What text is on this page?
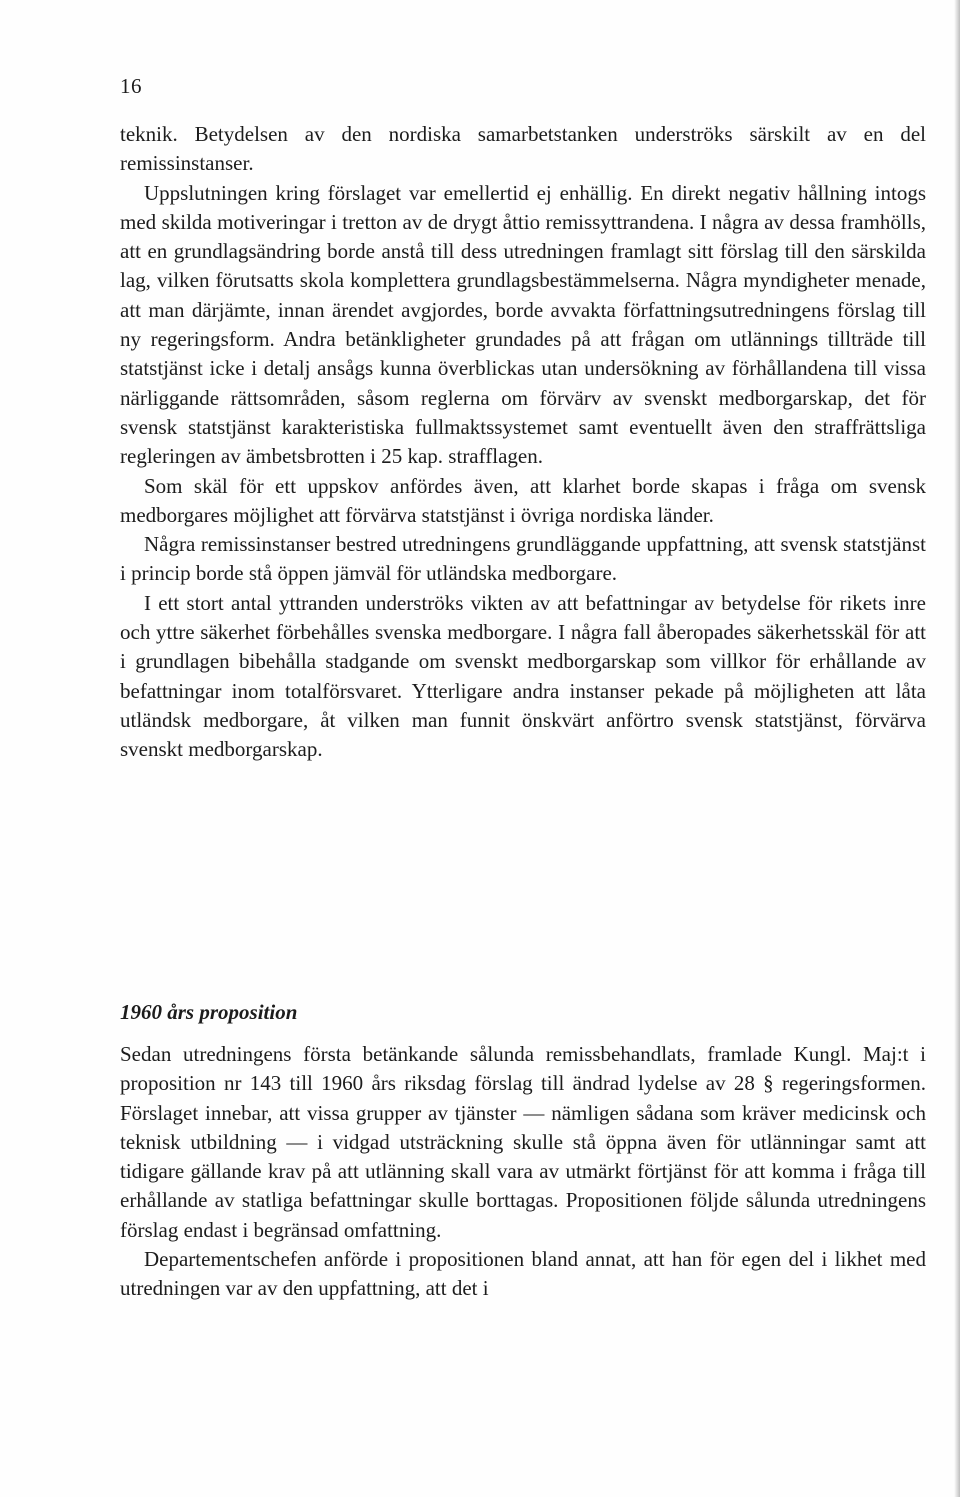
16

teknik. Betydelsen av den nordiska samarbetstanken underströks särskilt av en del remissinstanser.

Uppslutningen kring förslaget var emellertid ej enhällig. En direkt negativ hållning intogs med skilda motiveringar i tretton av de drygt åttio remissyttrandena. I några av dessa framhölls, att en grundlagsändring borde anstå till dess utredningen framlagt sitt förslag till den särskilda lag, vilken förutsatts skola komplettera grundlagsbestämmelserna. Några myndigheter menade, att man därjämte, innan ärendet avgjordes, borde avvakta författningsutredningens förslag till ny regeringsform. Andra betänkligheter grundades på att frågan om utlännings tillträde till statstjänst icke i detalj ansågs kunna överblickas utan undersökning av förhållandena till vissa närliggande rättsområden, såsom reglerna om förvärv av svenskt medborgarskap, det för svensk statstjänst karakteristiska fullmaktssystemet samt eventuellt även den straffrättsliga regleringen av ämbetsbrotten i 25 kap. strafflagen.

Som skäl för ett uppskov anfördes även, att klarhet borde skapas i fråga om svensk medborgares möjlighet att förvärva statstjänst i övriga nordiska länder.

Några remissinstanser bestred utredningens grundläggande uppfattning, att svensk statstjänst i princip borde stå öppen jämväl för utländska medborgare.

I ett stort antal yttranden underströks vikten av att befattningar av betydelse för rikets inre och yttre säkerhet förbehålles svenska medborgare. I några fall åberopades säkerhetsskäl för att i grundlagen bibehålla stadgande om svenskt medborgarskap som villkor för erhållande av befattningar inom totalförsvaret. Ytterligare andra instanser pekade på möjligheten att låta utländsk medborgare, åt vilken man funnit önskvärt anförtro svensk statstjänst, förvärva svenskt medborgarskap.

1960 års proposition

Sedan utredningens första betänkande sålunda remissbehandlats, framlade Kungl. Maj:t i proposition nr 143 till 1960 års riksdag förslag till ändrad lydelse av 28 § regeringsformen. Förslaget innebar, att vissa grupper av tjänster — nämligen sådana som kräver medicinsk och teknisk utbildning — i vidgad utsträckning skulle stå öppna även för utlänningar samt att tidigare gällande krav på att utlänning skall vara av utmärkt förtjänst för att komma i fråga till erhållande av statliga befattningar skulle borttagas. Propositionen följde sålunda utredningens förslag endast i begränsad omfattning.

Departementschefen anförde i propositionen bland annat, att han för egen del i likhet med utredningen var av den uppfattning, att det i
